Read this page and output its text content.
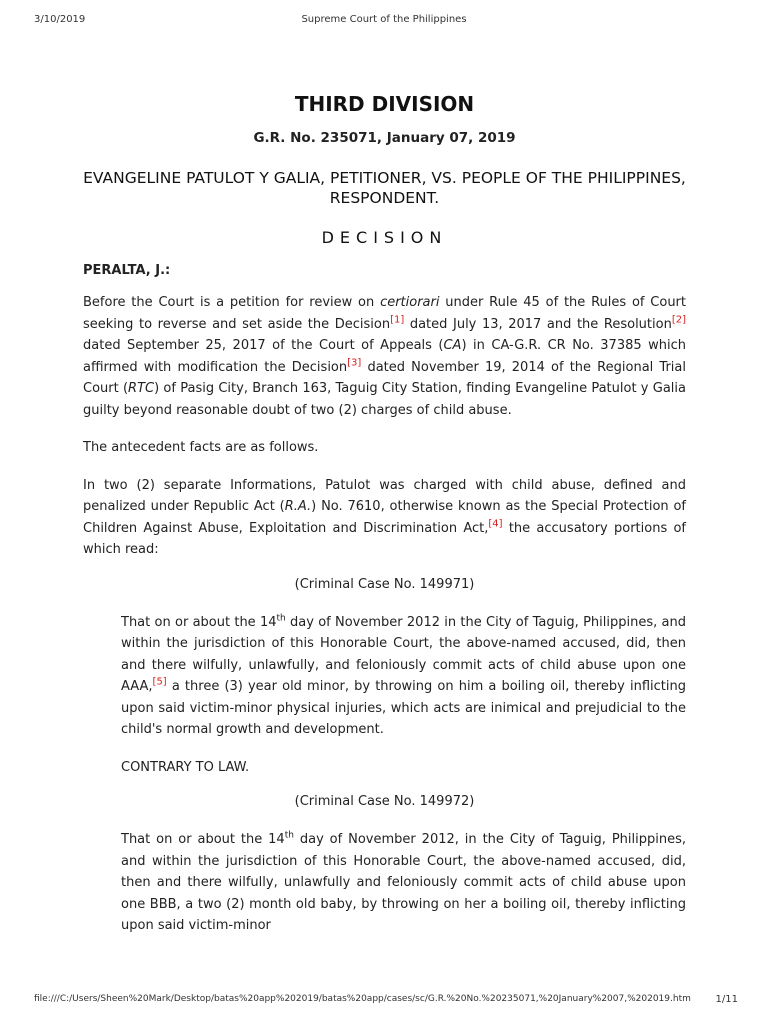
3/10/2019	Supreme Court of the Philippines
THIRD DIVISION
G.R. No. 235071, January 07, 2019
EVANGELINE PATULOT Y GALIA, PETITIONER, VS. PEOPLE OF THE PHILIPPINES, RESPONDENT.
DECISION
PERALTA, J.:

Before the Court is a petition for review on certiorari under Rule 45 of the Rules of Court seeking to reverse and set aside the Decision[1] dated July 13, 2017 and the Resolution[2] dated September 25, 2017 of the Court of Appeals (CA) in CA-G.R. CR No. 37385 which affirmed with modification the Decision[3] dated November 19, 2014 of the Regional Trial Court (RTC) of Pasig City, Branch 163, Taguig City Station, finding Evangeline Patulot y Galia guilty beyond reasonable doubt of two (2) charges of child abuse.

The antecedent facts are as follows.

In two (2) separate Informations, Patulot was charged with child abuse, defined and penalized under Republic Act (R.A.) No. 7610, otherwise known as the Special Protection of Children Against Abuse, Exploitation and Discrimination Act,[4] the accusatory portions of which read:

(Criminal Case No. 149971)

That on or about the 14th day of November 2012 in the City of Taguig, Philippines, and within the jurisdiction of this Honorable Court, the above-named accused, did, then and there wilfully, unlawfully, and feloniously commit acts of child abuse upon one AAA,[5] a three (3) year old minor, by throwing on him a boiling oil, thereby inflicting upon said victim-minor physical injuries, which acts are inimical and prejudicial to the child's normal growth and development.

CONTRARY TO LAW.

(Criminal Case No. 149972)

That on or about the 14th day of November 2012, in the City of Taguig, Philippines, and within the jurisdiction of this Honorable Court, the above-named accused, did, then and there wilfully, unlawfully and feloniously commit acts of child abuse upon one BBB, a two (2) month old baby, by throwing on her a boiling oil, thereby inflicting upon said victim-minor

file:///C:/Users/Sheen%20Mark/Desktop/batas%20app%202019/batas%20app/cases/sc/G.R.%20No.%20235071,%20January%2007,%202019.htm 1/11
